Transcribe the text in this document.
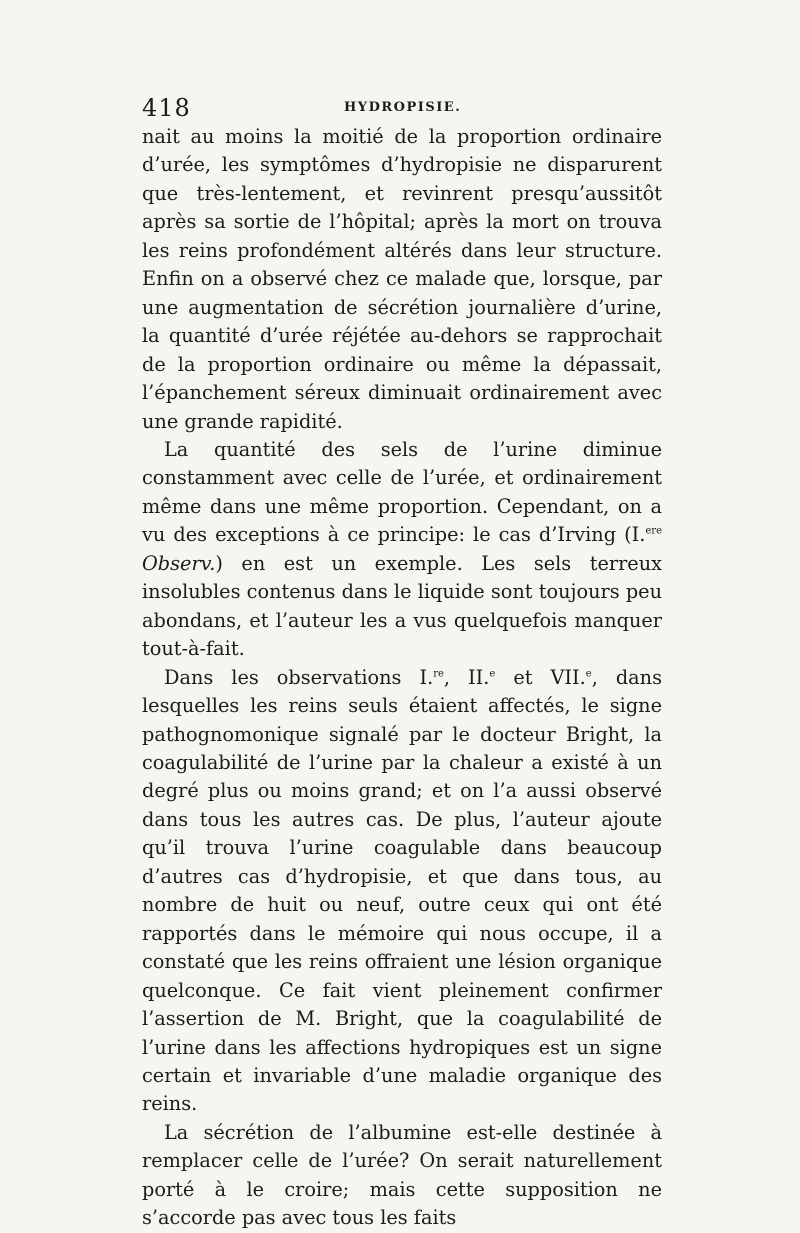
418	HYDROPISIE.

nait au moins la moitié de la proportion ordinaire d’urée, les symptômes d’hydropisie ne disparurent que très-lentement, et revinrent presqu’aussitôt après sa sortie de l’hôpital; après la mort on trouva les reins profondément altérés dans leur structure. Enfin on a observé chez ce malade que, lorsque, par une augmentation de sécrétion journalière d’urine, la quantité d’urée réjétée au-dehors se rapprochait de la proportion ordinaire ou même la dépassait, l’épanchement séreux diminuait ordinairement avec une grande rapidité.

La quantité des sels de l’urine diminue constamment avec celle de l’urée, et ordinairement même dans une même proportion. Cependant, on a vu des exceptions à ce principe: le cas d’Irving (I.$^{ere}$ Observ.) en est un exemple. Les sels terreux insolubles contenus dans le liquide sont toujours peu abondans, et l’auteur les a vus quelquefois manquer tout-à-fait.

Dans les observations I.$^{re}$, II.$^e$ et VII.$^e$, dans lesquelles les reins seuls étaient affectés, le signe pathognomonique signalé par le docteur Bright, la coagulabilité de l’urine par la chaleur a existé à un degré plus ou moins grand; et on l’a aussi observé dans tous les autres cas. De plus, l’auteur ajoute qu’il trouva l’urine coagulable dans beaucoup d’autres cas d’hydropisie, et que dans tous, au nombre de huit ou neuf, outre ceux qui ont été rapportés dans le mémoire qui nous occupe, il a constaté que les reins offraient une lésion organique quelconque. Ce fait vient pleinement confirmer l’assertion de M. Bright, que la coagulabilité de l’urine dans les affections hydropiques est un signe certain et invariable d’une maladie organique des reins.

La sécrétion de l’albumine est-elle destinée à remplacer celle de l’urée? On serait naturellement porté à le croire; mais cette supposition ne s’accorde pas avec tous les faits
